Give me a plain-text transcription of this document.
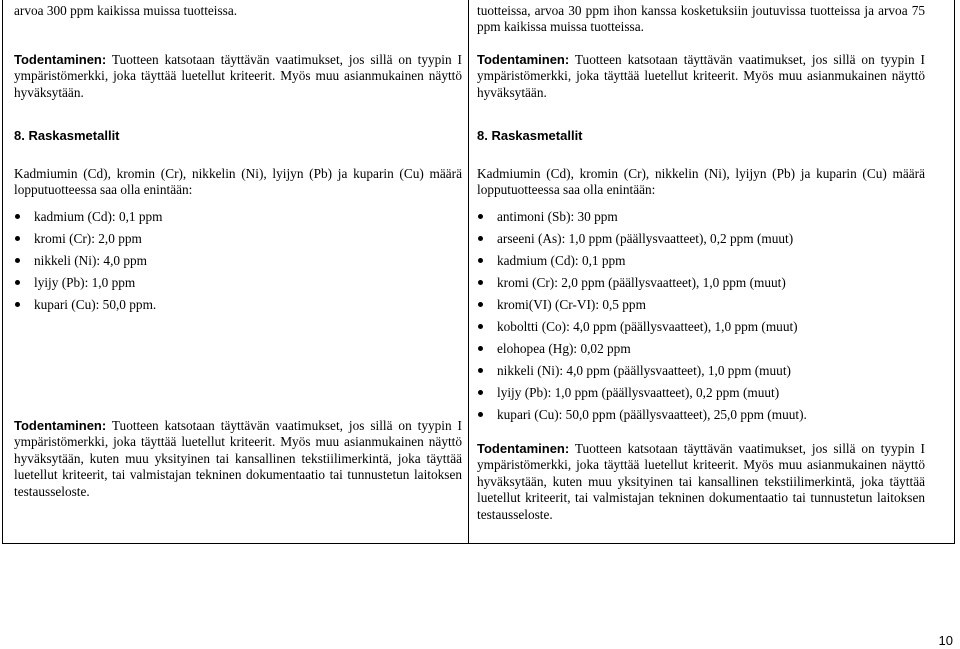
arvoa 300 ppm kaikissa muissa tuotteissa.

Todentaminen: Tuotteen katsotaan täyttävän vaatimukset, jos sillä on tyypin I ympäristömerkki, joka täyttää luetellut kriteerit. Myös muu asianmukainen näyttö hyväksytään.

8. Raskasmetallit

Kadmiumin (Cd), kromin (Cr), nikkelin (Ni), lyijyn (Pb) ja kuparin (Cu) määrä lopputuotteessa saa olla enintään:

kadmium (Cd): 0,1 ppm
kromi (Cr): 2,0 ppm
nikkeli (Ni): 4,0 ppm
lyijy (Pb): 1,0 ppm
kupari (Cu): 50,0 ppm.

Todentaminen: Tuotteen katsotaan täyttävän vaatimukset, jos sillä on tyypin I ympäristömerkki, joka täyttää luetellut kriteerit. Myös muu asianmukainen näyttö hyväksytään, kuten muu yksityinen tai kansallinen tekstiilimerkintä, joka täyttää luetellut kriteerit, tai valmistajan tekninen dokumentaatio tai tunnustetun laitoksen testausseloste.

tuotteissa, arvoa 30 ppm ihon kanssa kosketuksiin joutuvissa tuotteissa ja arvoa 75 ppm kaikissa muissa tuotteissa.

Todentaminen: Tuotteen katsotaan täyttävän vaatimukset, jos sillä on tyypin I ympäristömerkki, joka täyttää luetellut kriteerit. Myös muu asianmukainen näyttö hyväksytään.

8. Raskasmetallit

Kadmiumin (Cd), kromin (Cr), nikkelin (Ni), lyijyn (Pb) ja kuparin (Cu) määrä lopputuotteessa saa olla enintään:

antimoni (Sb): 30 ppm
arseeni (As): 1,0 ppm (päällysvaatteet), 0,2 ppm (muut)
kadmium (Cd): 0,1 ppm
kromi (Cr): 2,0 ppm (päällysvaatteet), 1,0 ppm (muut)
kromi(VI) (Cr-VI): 0,5 ppm
koboltti (Co): 4,0 ppm (päällysvaatteet), 1,0 ppm (muut)
elohopea (Hg): 0,02 ppm
nikkeli (Ni): 4,0 ppm (päällysvaatteet), 1,0 ppm (muut)
lyijy (Pb): 1,0 ppm (päällysvaatteet), 0,2 ppm (muut)
kupari (Cu): 50,0 ppm (päällysvaatteet), 25,0 ppm (muut).

Todentaminen: Tuotteen katsotaan täyttävän vaatimukset, jos sillä on tyypin I ympäristömerkki, joka täyttää luetellut kriteerit. Myös muu asianmukainen näyttö hyväksytään, kuten muu yksityinen tai kansallinen tekstiilimerkintä, joka täyttää luetellut kriteerit, tai valmistajan tekninen dokumentaatio tai tunnustetun laitoksen testausseloste.

10
